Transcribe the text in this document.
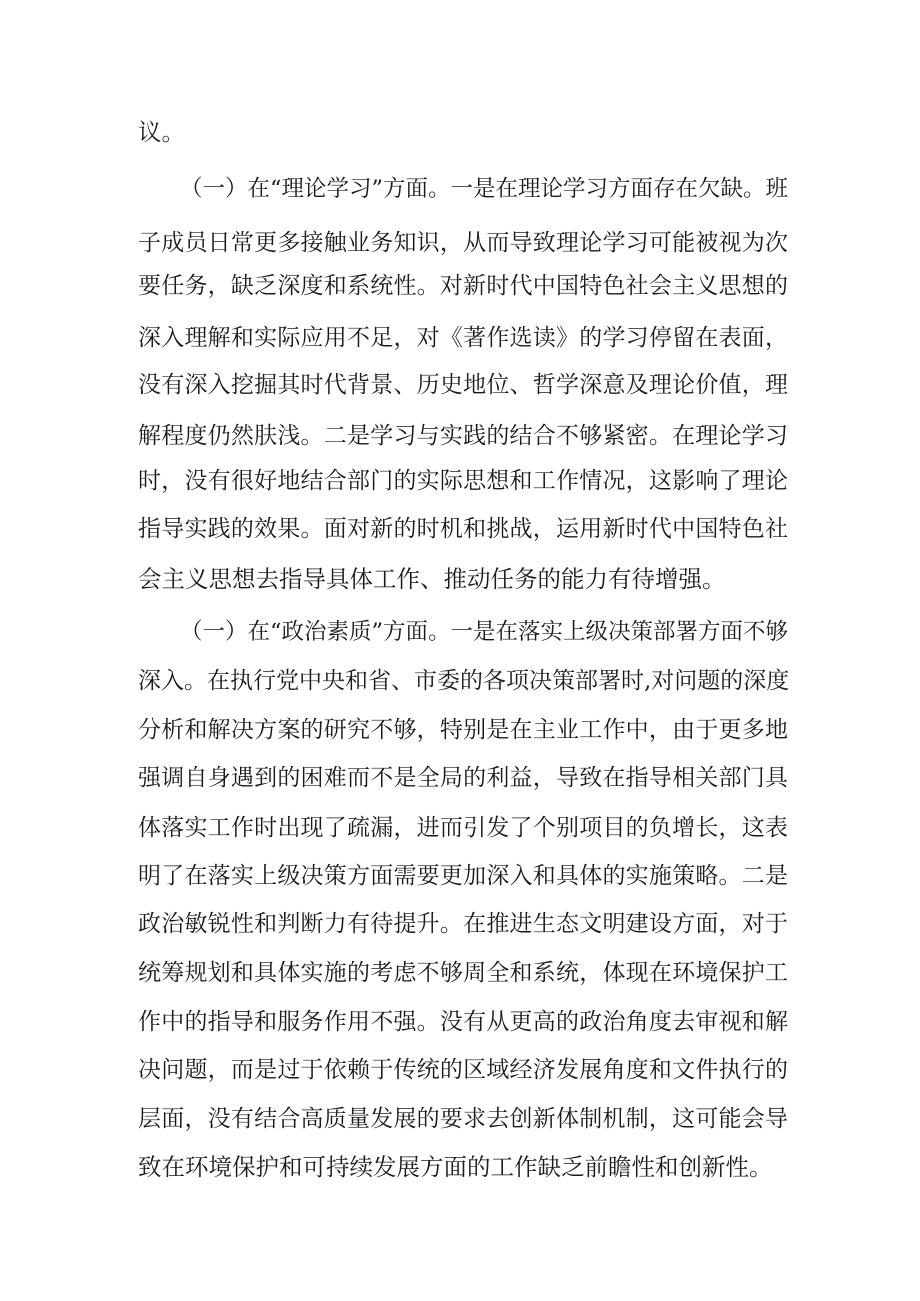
议。
（一）在“理论学习”方面。一是在理论学习方面存在欠缺。班
子成员日常更多接触业务知识，从而导致理论学习可能被视为次
要任务，缺乏深度和系统性。对新时代中国特色社会主义思想的
深入理解和实际应用不足，对《著作选读》的学习停留在表面，
没有深入挖掘其时代背景、历史地位、哲学深意及理论价值，理
解程度仍然肤浅。二是学习与实践的结合不够紧密。在理论学习
时，没有很好地结合部门的实际思想和工作情况，这影响了理论
指导实践的效果。面对新的时机和挑战，运用新时代中国特色社
会主义思想去指导具体工作、推动任务的能力有待增强。
（一）在“政治素质”方面。一是在落实上级决策部署方面不够
深入。在执行党中央和省、市委的各项决策部署时,对问题的深度
分析和解决方案的研究不够，特别是在主业工作中，由于更多地
强调自身遇到的困难而不是全局的利益，导致在指导相关部门具
体落实工作时出现了疏漏，进而引发了个别项目的负增长，这表
明了在落实上级决策方面需要更加深入和具体的实施策略。二是
政治敏锐性和判断力有待提升。在推进生态文明建设方面，对于
统筹规划和具体实施的考虑不够周全和系统，体现在环境保护工
作中的指导和服务作用不强。没有从更高的政治角度去审视和解
决问题，而是过于依赖于传统的区域经济发展角度和文件执行的
层面，没有结合高质量发展的要求去创新体制机制，这可能会导
致在环境保护和可持续发展方面的工作缺乏前瞻性和创新性。
